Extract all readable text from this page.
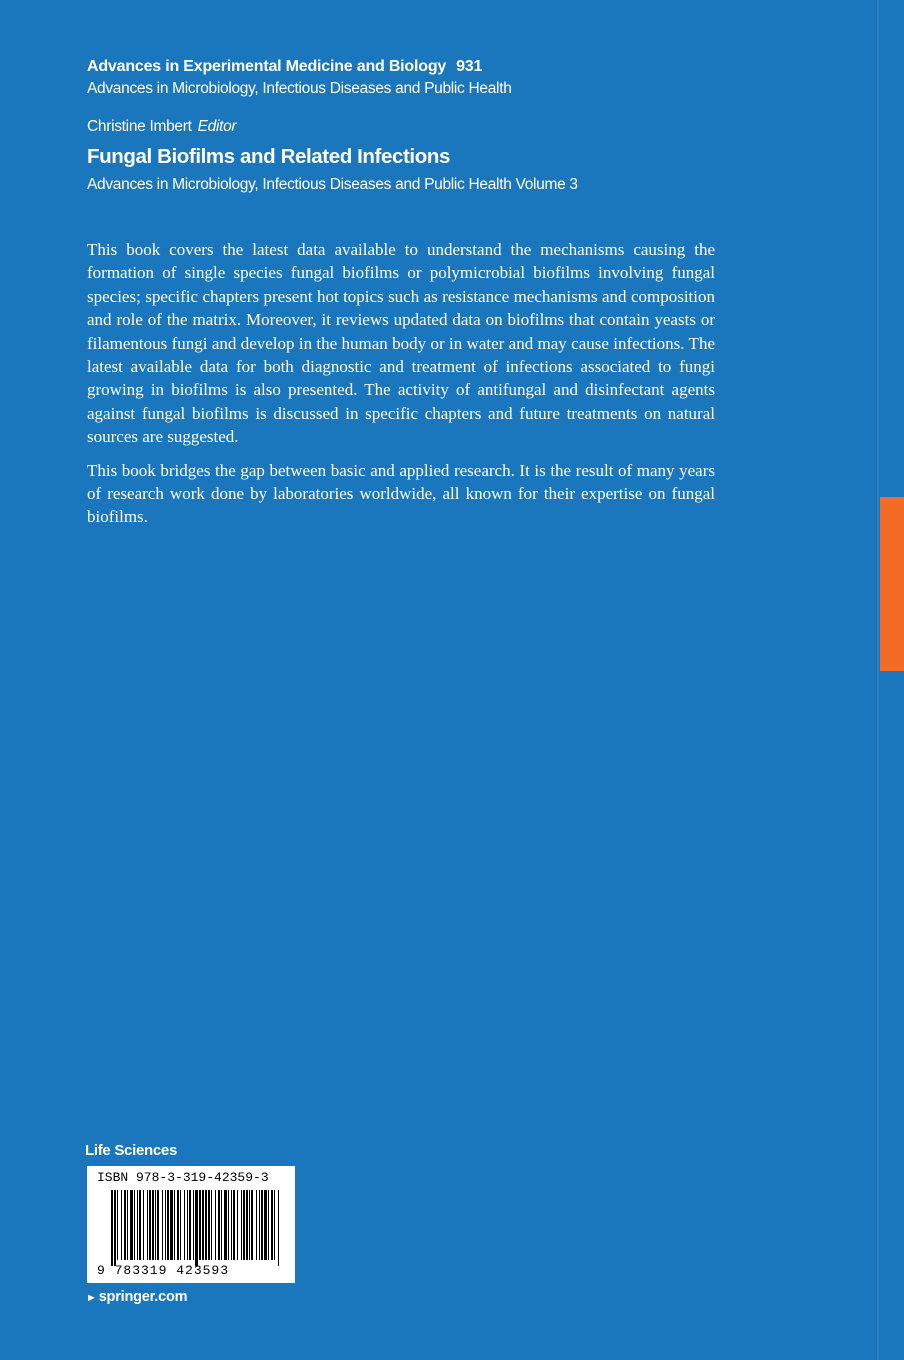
Advances in Experimental Medicine and Biology 931
Advances in Microbiology, Infectious Diseases and Public Health
Christine Imbert Editor
Fungal Biofilms and Related Infections
Advances in Microbiology, Infectious Diseases and Public Health Volume 3

This book covers the latest data available to understand the mechanisms causing the formation of single species fungal biofilms or polymicrobial biofilms involving fungal species; specific chapters present hot topics such as resistance mechanisms and composition and role of the matrix. Moreover, it reviews updated data on biofilms that contain yeasts or filamentous fungi and develop in the human body or in water and may cause infections. The latest available data for both diagnostic and treatment of infections associated to fungi growing in biofilms is also presented. The activity of antifungal and disinfectant agents against fungal biofilms is discussed in specific chapters and future treatments on natural sources are suggested.

This book bridges the gap between basic and applied research. It is the result of many years of research work done by laboratories worldwide, all known for their expertise on fungal biofilms.

Life Sciences
ISBN 978-3-319-42359-3
9 783319 423593
► springer.com
